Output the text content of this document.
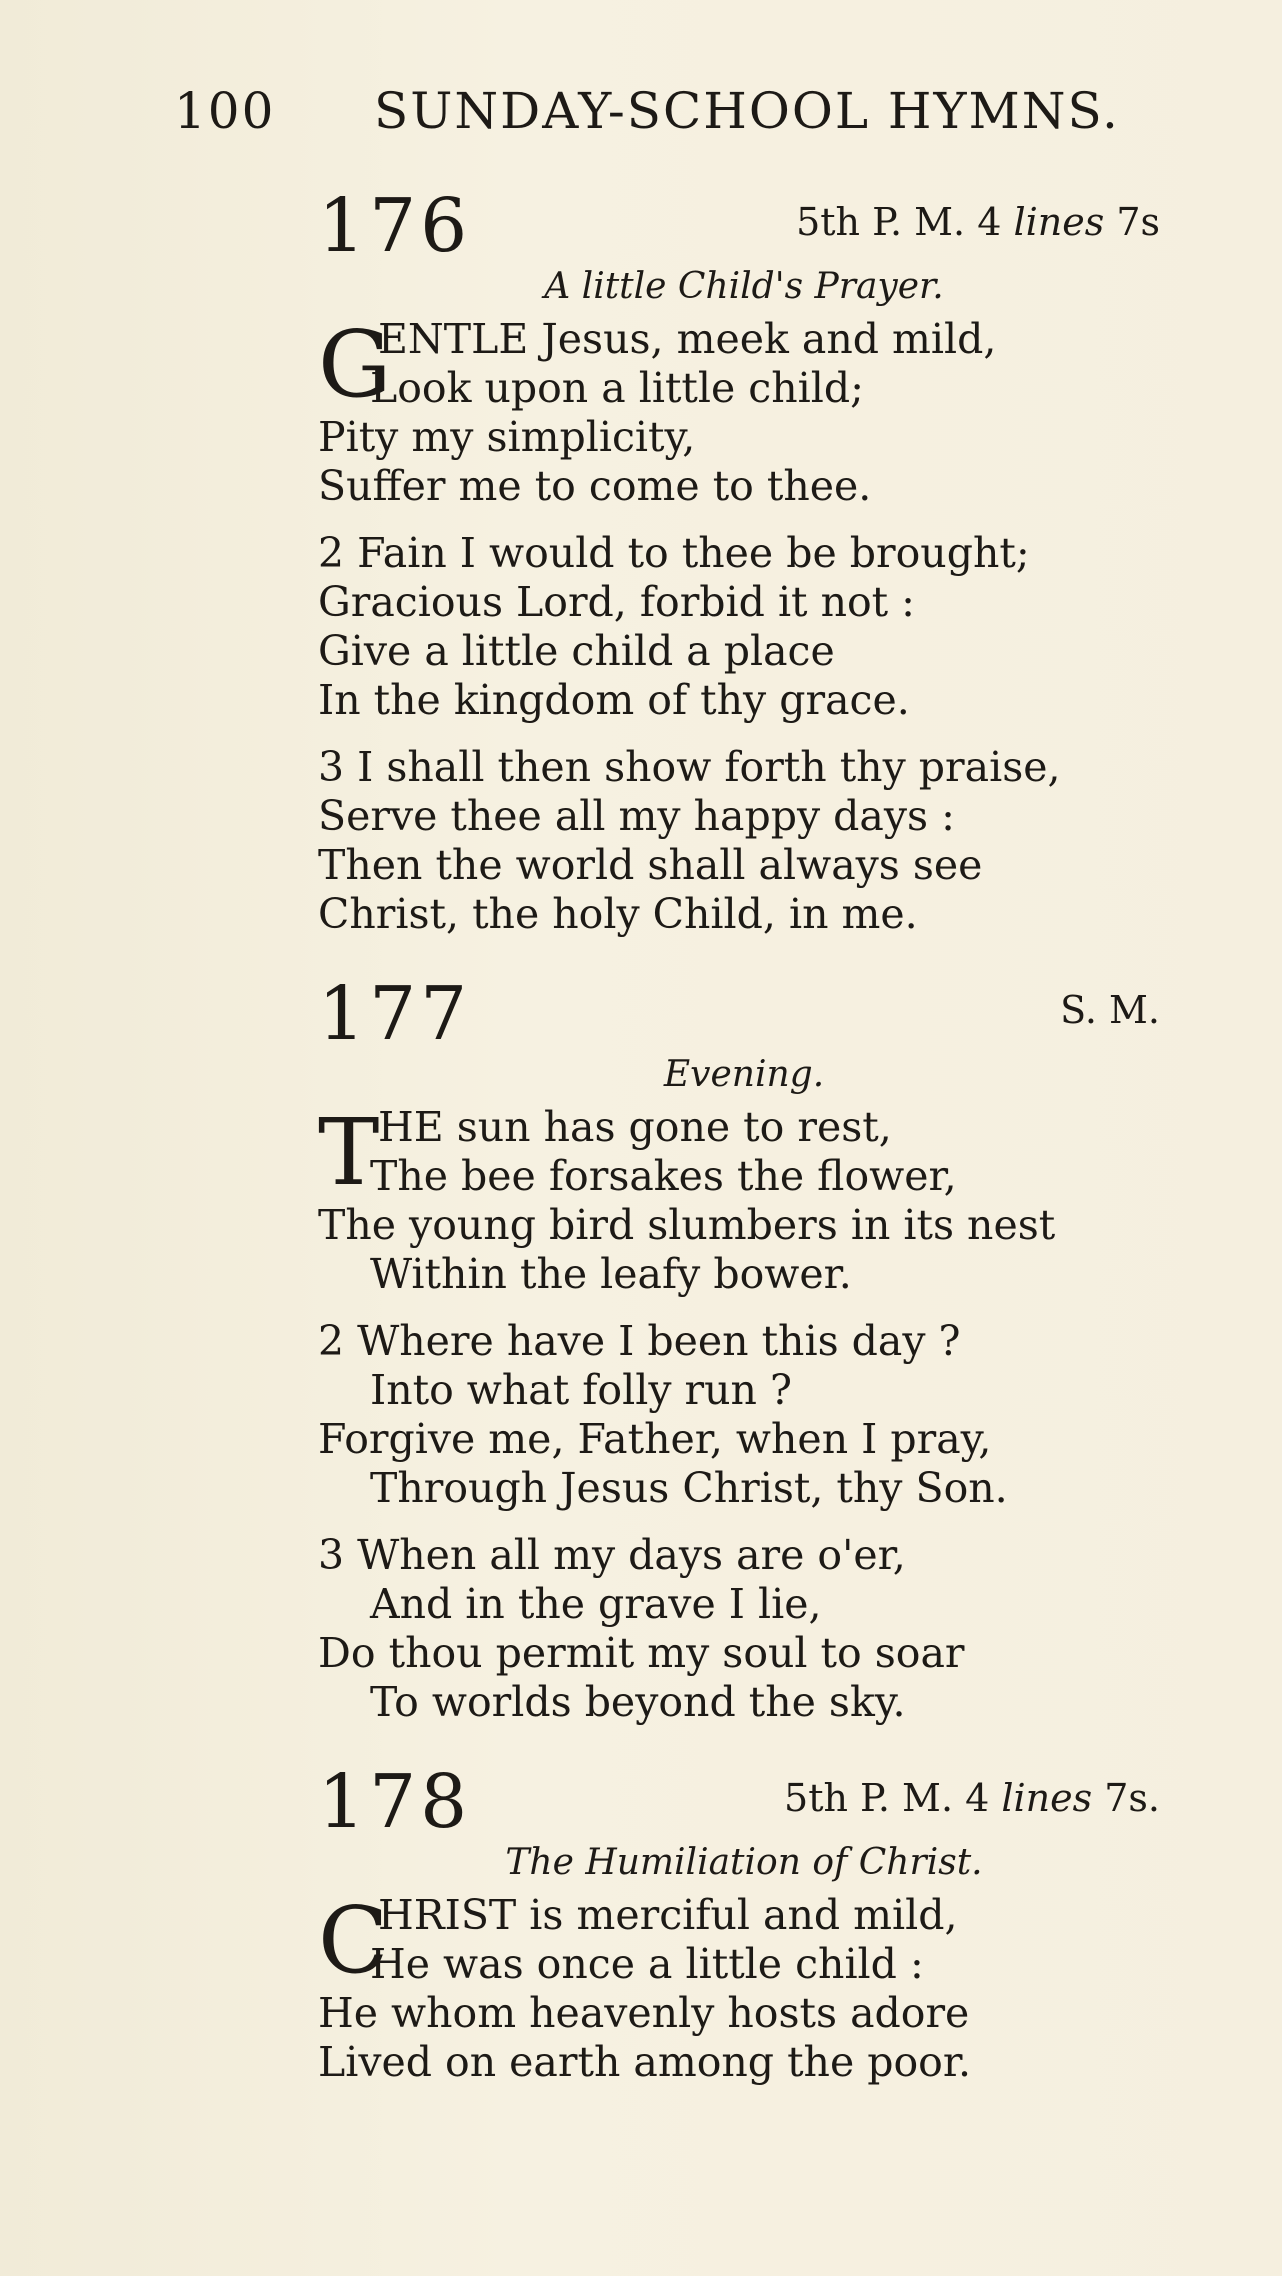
100 SUNDAY-SCHOOL HYMNS.
176	5th P. M. 4 lines 7s
A little Child's Prayer.
G
ENTLE Jesus, meek and mild,
Look upon a little child;
Pity my simplicity,
Suffer me to come to thee.
2 Fain I would to thee be brought;
Gracious Lord, forbid it not :
Give a little child a place
In the kingdom of thy grace.
3 I shall then show forth thy praise,
Serve thee all my happy days :
Then the world shall always see
Christ, the holy Child, in me.
177	S. M.
Evening.
T
HE sun has gone to rest,
The bee forsakes the flower,
The young bird slumbers in its nest
Within the leafy bower.
2 Where have I been this day ?
Into what folly run ?
Forgive me, Father, when I pray,
Through Jesus Christ, thy Son.
3 When all my days are o'er,
And in the grave I lie,
Do thou permit my soul to soar
To worlds beyond the sky.
178	5th P. M. 4 lines 7s.
The Humiliation of Christ.
C
HRIST is merciful and mild,
He was once a little child :
He whom heavenly hosts adore
Lived on earth among the poor.
